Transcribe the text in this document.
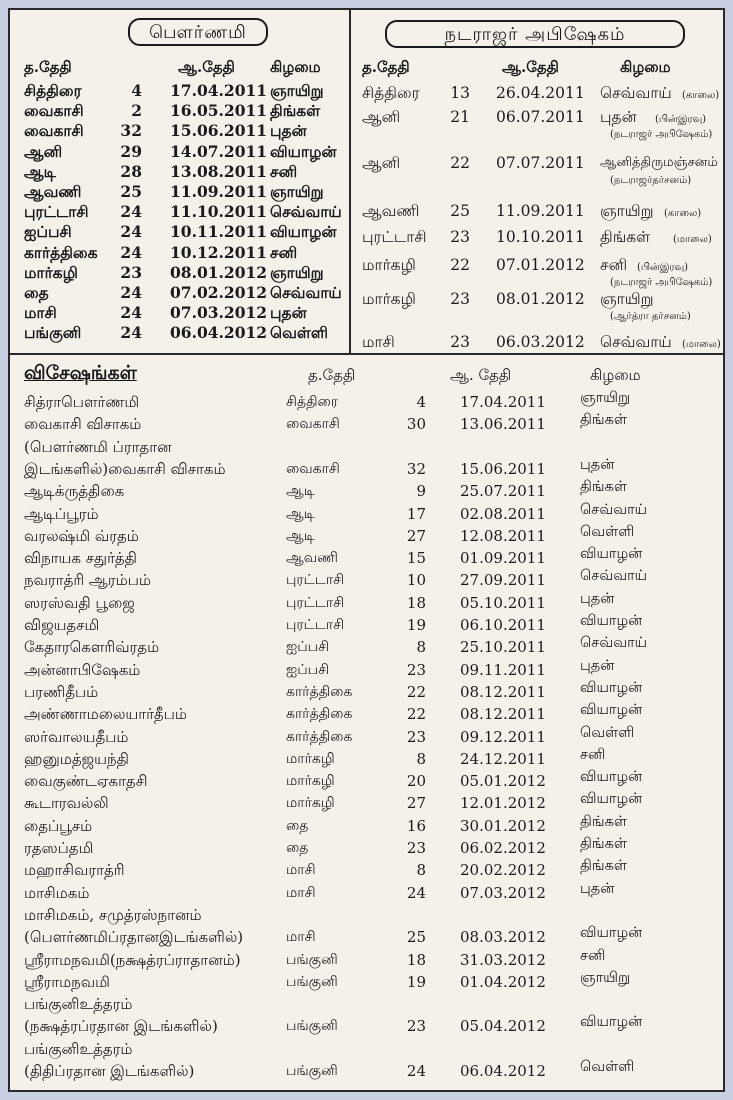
பௌர்ணமி
த.தேதி	ஆ.தேதி கிழமை
சித்திரை	4 17.04.2011 ஞாயிறு
வைகாசி	2 16.05.2011 திங்கள்
வைகாசி	32 15.06.2011 புதன்
ஆனி	29 14.07.2011 வியாழன்
ஆடி	28 13.08.2011 சனி
ஆவணி	25 11.09.2011 ஞாயிறு
புரட்டாசி	24 11.10.2011 செவ்வாய்
ஐப்பசி	24 10.11.2011 வியாழன்
கார்த்திகை	24 10.12.2011 சனி
மார்கழி	23 08.01.2012 ஞாயிறு
தை	24 07.02.2012 செவ்வாய்
மாசி	24 07.03.2012 புதன்
பங்குனி	24 06.04.2012 வெள்ளி
நடராஜர் அபிஷேகம்
த.தேதி	ஆ.தேதி	கிழமை
சித்திரை	13 26.04.2011 செவ்வாய் (காலை)
ஆனி	21 06.07.2011 புதன் (பின்இரவு)
(நடராஜர் அபிஷேகம்)
ஆனி	22 07.07.2011 ஆனித்திருமஞ்சனம்
(நடராஜர்தர்சனம்)
ஆவணி	25 11.09.2011 ஞாயிறு (காலை)
புரட்டாசி	23 10.10.2011 திங்கள் (மாலை)
மார்கழி	22 07.01.2012 சனி (பின்இரவு)
(நடராஜர் அபிஷேகம்)
மார்கழி	23 08.01.2012 ஞாயிறு
(ஆர்த்ரா தர்சனம்)
மாசி	23 06.03.2012 செவ்வாய் (மாலை)
விசேஷங்கள்	த.தேதி	ஆ. தேதி	கிழமை
சித்ராபௌர்ணமி	சித்திரை	4 17.04.2011 ஞாயிறு
வைகாசி விசாகம்	வைகாசி	30 13.06.2011 திங்கள்
(பௌர்ணமி ப்ராதான
இடங்களில்)வைகாசி விசாகம்	வைகாசி	32 15.06.2011 புதன்
ஆடிக்ருத்திகை	ஆடி	9 25.07.2011 திங்கள்
ஆடிப்பூரம்	ஆடி	17 02.08.2011 செவ்வாய்
வரலஷ்மி வ்ரதம்	ஆடி	27 12.08.2011 வெள்ளி
விநாயக சதுர்த்தி	ஆவணி	15 01.09.2011 வியாழன்
நவராத்ரி ஆரம்பம்	புரட்டாசி	10 27.09.2011 செவ்வாய்
ஸரஸ்வதி பூஜை	புரட்டாசி	18 05.10.2011 புதன்
விஜயதசமி	புரட்டாசி	19 06.10.2011 வியாழன்
கேதாரகௌரிவ்ரதம்	ஐப்பசி	8 25.10.2011 செவ்வாய்
அன்னாபிஷேகம்	ஐப்பசி	23 09.11.2011 புதன்
பரணிதீபம்	கார்த்திகை	22 08.12.2011 வியாழன்
அண்ணாமலையார்தீபம்	கார்த்திகை	22 08.12.2011 வியாழன்
ஸர்வாலயதீபம்	கார்த்திகை	23 09.12.2011 வெள்ளி
ஹனுமத்ஜயந்தி	மார்கழி	8 24.12.2011 சனி
வைகுண்டஏகாதசி	மார்கழி	20 05.01.2012 வியாழன்
கூடாரவல்லி	மார்கழி	27 12.01.2012 வியாழன்
தைப்பூசம்	தை	16 30.01.2012 திங்கள்
ரதஸப்தமி	தை	23 06.02.2012 திங்கள்
மஹாசிவராத்ரி	மாசி	8 20.02.2012 திங்கள்
மாசிமகம்	மாசி	24 07.03.2012 புதன்
மாசிமகம், சமுத்ரஸ்நானம்
(பௌர்ணமிப்ரதானஇடங்களில்)	மாசி	25 08.03.2012 வியாழன்
ஸ்ரீராமநவமி(நக்ஷத்ரப்ராதானம்)	பங்குனி	18 31.03.2012 சனி
ஸ்ரீராமநவமி	பங்குனி	19 01.04.2012 ஞாயிறு
பங்குனிஉத்தரம்
(நக்ஷத்ரப்ரதான இடங்களில்)	பங்குனி	23 05.04.2012 வியாழன்
பங்குனிஉத்தரம்
(திதிப்ரதான இடங்களில்)	பங்குனி	24 06.04.2012 வெள்ளி
